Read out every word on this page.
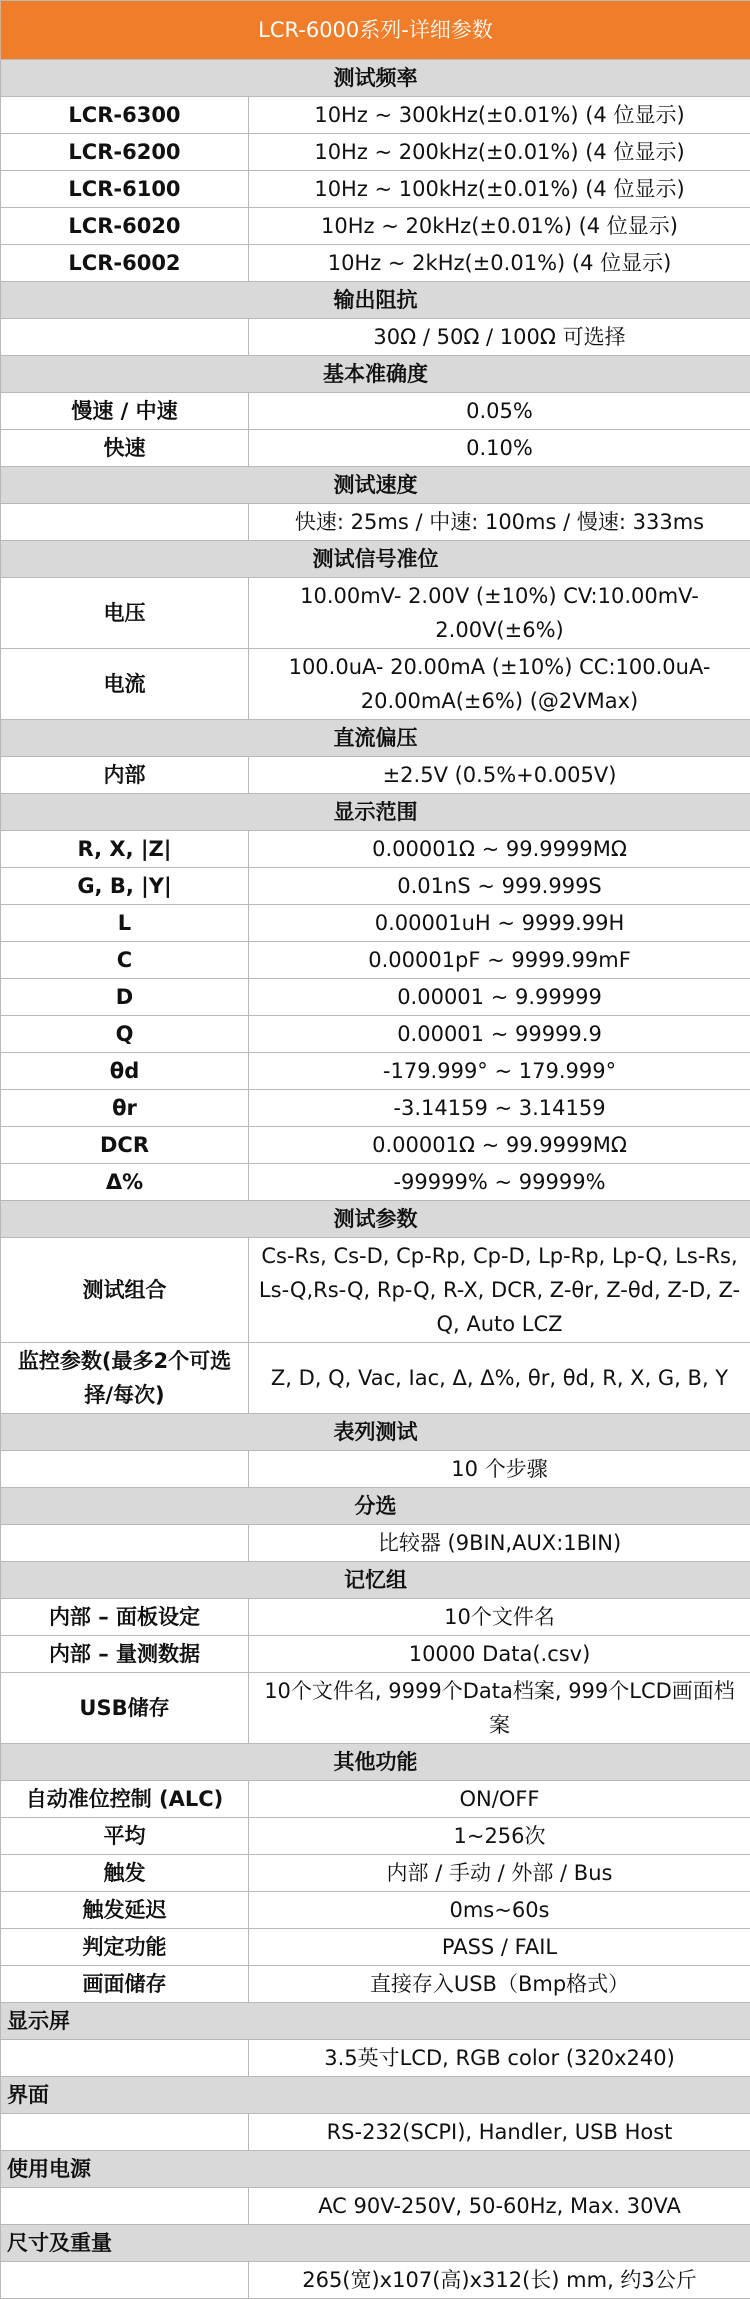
LCR-6000系列-详细参数	
测试频率	
LCR-6300	10Hz ~ 300kHz(±0.01%) (4 位显示)
LCR-6200	10Hz ~ 200kHz(±0.01%) (4 位显示)
LCR-6100	10Hz ~ 100kHz(±0.01%) (4 位显示)
LCR-6020	10Hz ~ 20kHz(±0.01%) (4 位显示)
LCR-6002	10Hz ~ 2kHz(±0.01%) (4 位显示)
输出阻抗	
	30Ω / 50Ω / 100Ω 可选择
基本准确度	
慢速 / 中速	0.05%
快速	0.10%
测试速度	
	快速: 25ms / 中速: 100ms / 慢速: 333ms
测试信号准位	
电压	10.00mV- 2.00V (±10%) CV:10.00mV-2.00V(±6%)
电流	100.0uA- 20.00mA (±10%) CC:100.0uA-20.00mA(±6%) (@2VMax)
直流偏压	
内部	±2.5V (0.5%+0.005V)
显示范围	
R, X, |Z|	0.00001Ω ~ 99.9999MΩ
G, B, |Y|	0.01nS ~ 999.999S
L	0.00001uH ~ 9999.99H
C	0.00001pF ~ 9999.99mF
D	0.00001 ~ 9.99999
Q	0.00001 ~ 99999.9
θd	-179.999° ~ 179.999°
θr	-3.14159 ~ 3.14159
DCR	0.00001Ω ~ 99.9999MΩ
Δ%	-99999% ~ 99999%
测试参数	
测试组合	Cs-Rs, Cs-D, Cp-Rp, Cp-D, Lp-Rp, Lp-Q, Ls-Rs, Ls-Q,Rs-Q, Rp-Q, R-X, DCR, Z-θr, Z-θd, Z-D, Z-Q, Auto LCZ
监控参数(最多2个可选择/每次)	Z, D, Q, Vac, Iac, Δ, Δ%, θr, θd, R, X, G, B, Y
表列测试	
	10 个步骤
分选	
	比较器 (9BIN,AUX:1BIN)
记忆组	
内部 – 面板设定	10个文件名
内部 – 量测数据	10000 Data(.csv)
USB储存	10个文件名, 9999个Data档案, 999个LCD画面档案
其他功能	
自动准位控制 (ALC)	ON/OFF
平均	1~256次
触发	内部 / 手动 / 外部 / Bus
触发延迟	0ms~60s
判定功能	PASS / FAIL
画面储存	直接存入USB（Bmp格式）
显示屏	
	3.5英寸LCD, RGB color (320x240)
界面	
	RS-232(SCPI), Handler, USB Host
使用电源	
	AC 90V-250V, 50-60Hz, Max. 30VA
尺寸及重量	
	265(宽)x107(高)x312(长) mm, 约3公斤
